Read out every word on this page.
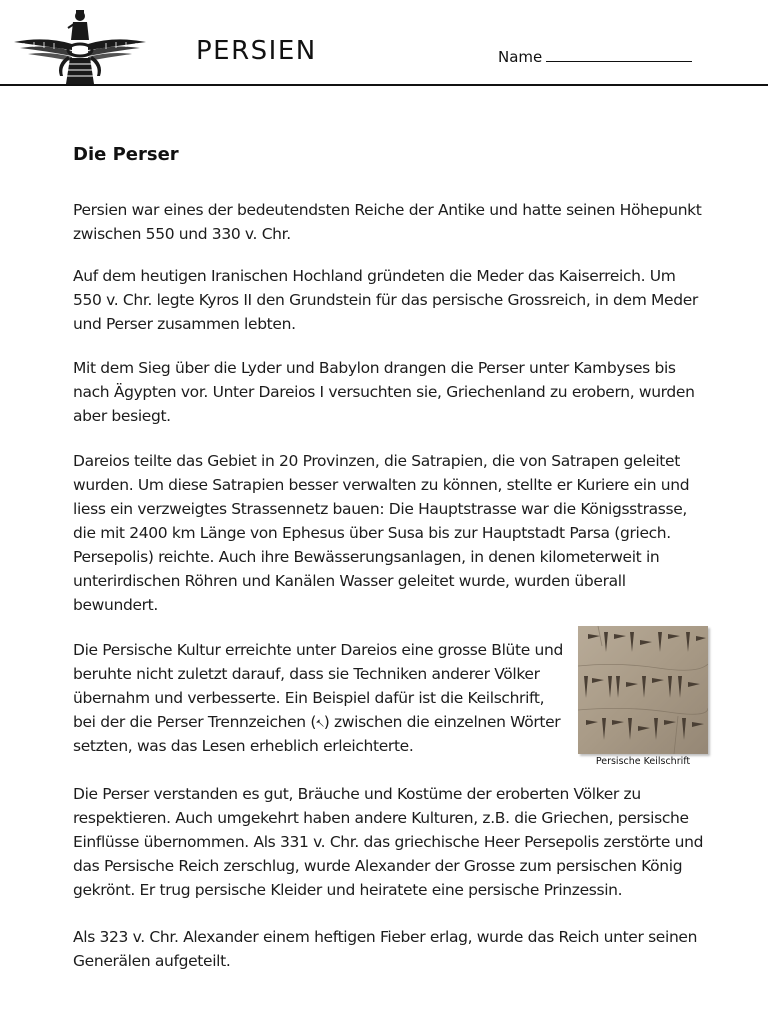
PERSIEN	Name
Die Perser

Persien war eines der bedeutendsten Reiche der Antike und hatte seinen Höhepunkt zwischen 550 und 330 v. Chr.

Auf dem heutigen Iranischen Hochland gründeten die Meder das Kaiserreich. Um 550 v. Chr. legte Kyros II den Grundstein für das persische Grossreich, in dem Meder und Perser zusammen lebten.

Mit dem Sieg über die Lyder und Babylon drangen die Perser unter Kambyses bis nach Ägypten vor. Unter Dareios I versuchten sie, Griechenland zu erobern, wurden aber besiegt.

Dareios teilte das Gebiet in 20 Provinzen, die Satrapien, die von Satrapen geleitet wurden. Um diese Satrapien besser verwalten zu können, stellte er Kuriere ein und liess ein verzweigtes Strassennetz bauen: Die Hauptstrasse war die Königsstrasse, die mit 2400 km Länge von Ephesus über Susa bis zur Hauptstadt Parsa (griech. Persepolis) reichte. Auch ihre Bewässerungsanlagen, in denen kilometerweit in unterirdischen Röhren und Kanälen Wasser geleitet wurde, wurden überall bewundert.

Die Persische Kultur erreichte unter Dareios eine grosse Blüte und beruhte nicht zuletzt darauf, dass sie Techniken anderer Völker übernahm und verbesserte. Ein Beispiel dafür ist die Keilschrift, bei der die Perser Trennzeichen (𐏐) zwischen die einzelnen Wörter setzten, was das Lesen erheblich erleichterte.

Persische Keilschrift

Die Perser verstanden es gut, Bräuche und Kostüme der eroberten Völker zu respektieren. Auch umgekehrt haben andere Kulturen, z.B. die Griechen, persische Einflüsse übernommen. Als 331 v. Chr. das griechische Heer Persepolis zerstörte und das Persische Reich zerschlug, wurde Alexander der Grosse zum persischen König gekrönt. Er trug persische Kleider und heiratete eine persische Prinzessin.

Als 323 v. Chr. Alexander einem heftigen Fieber erlag, wurde das Reich unter seinen Generälen aufgeteilt.
